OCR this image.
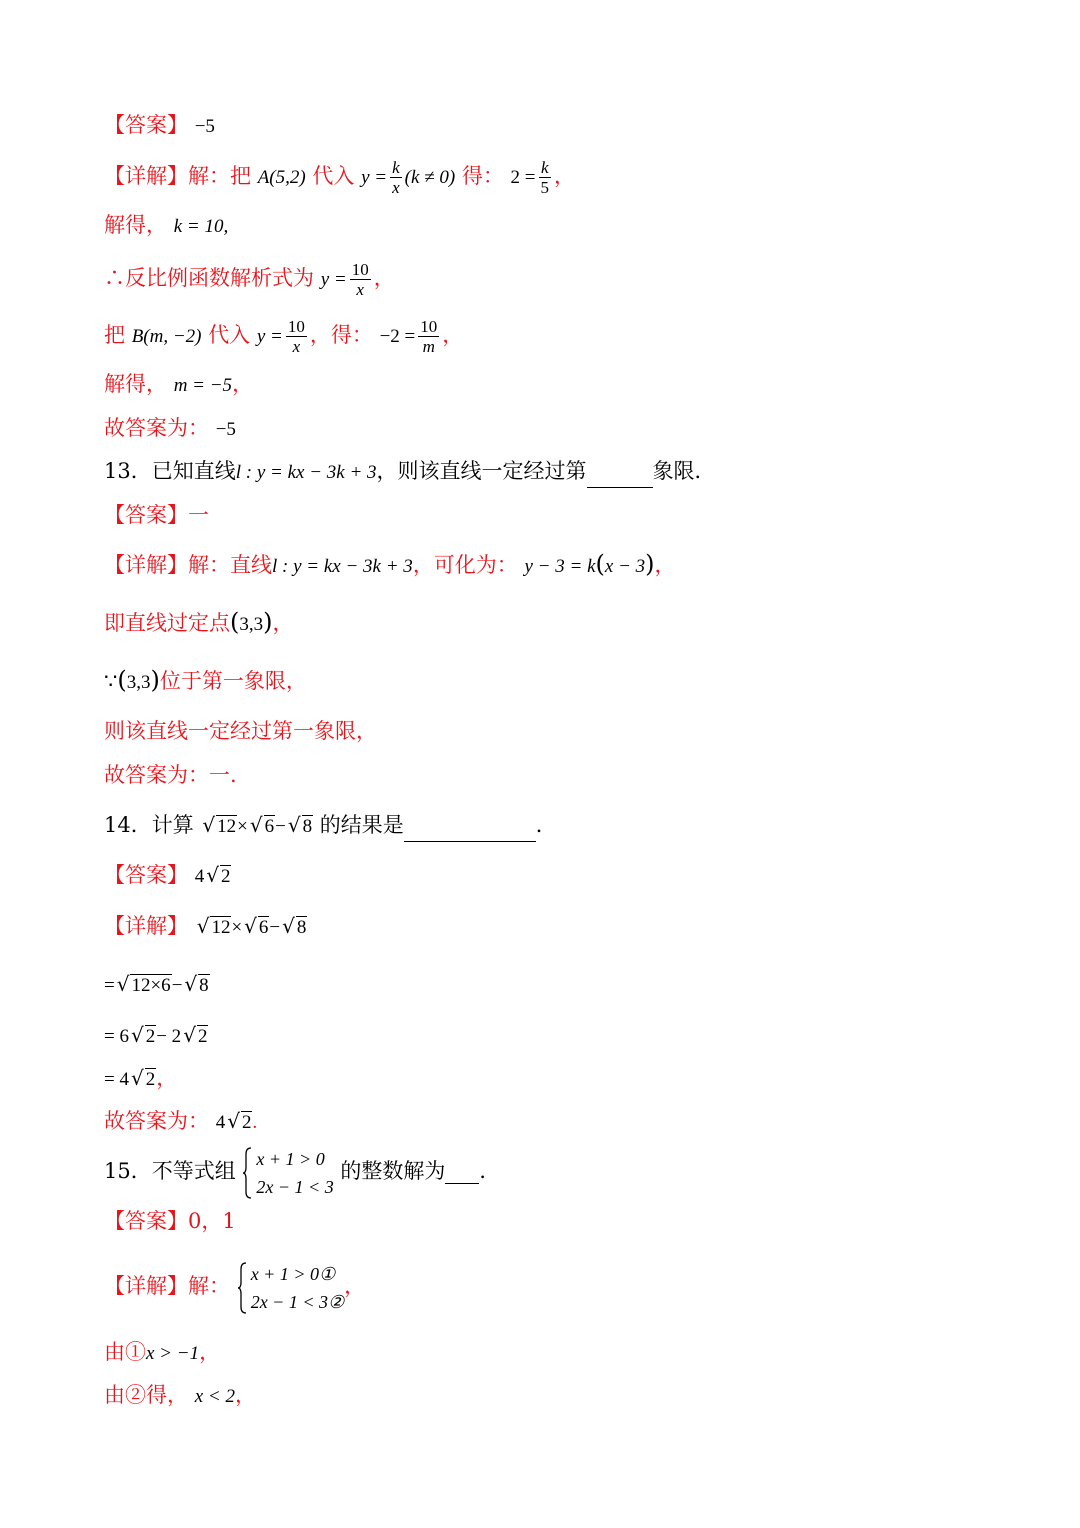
【答案】 −5
【详解】解：把 A(5,2) 代入 $y = \frac{k}{x} (k \ne 0)$ 得： $2 = \frac{k}{5}$ ，
解得， k = 10,
∴反比例函数解析式为 $y = \frac{10}{x}$ ，
把 B(m, −2) 代入 $y = \frac{10}{x}$ ，得： $-2 = \frac{10}{m}$ ，
解得， m = −5，
故答案为： −5
13．已知直线l : y = kx − 3k + 3，则该直线一定经过第	象限．
【答案】一
【详解】解：直线l : y = kx − 3k + 3，可化为： y − 3 = k(x − 3)，
即直线过定点(3,3)，
∵(3,3)位于第一象限，
则该直线一定经过第一象限，
故答案为：一.
14．计算 √ 12× √ 6− √ 8 的结果是	．
【答案】 4 √ 2
【详解】 √ 12× √ 6− √ 8
= √ 12×6− √ 8
= 6 √ 2− 2 √ 2
= 4 √ 2，
故答案为： 4 √ 2.
15．不等式组
x + 1 > 0
2x − 1 < 3
的整数解为 ．
【答案】0，1
【详解】解：
x + 1 > 0①
2x − 1 < 3②
，
由①x > −1，
由②得， x < 2，
